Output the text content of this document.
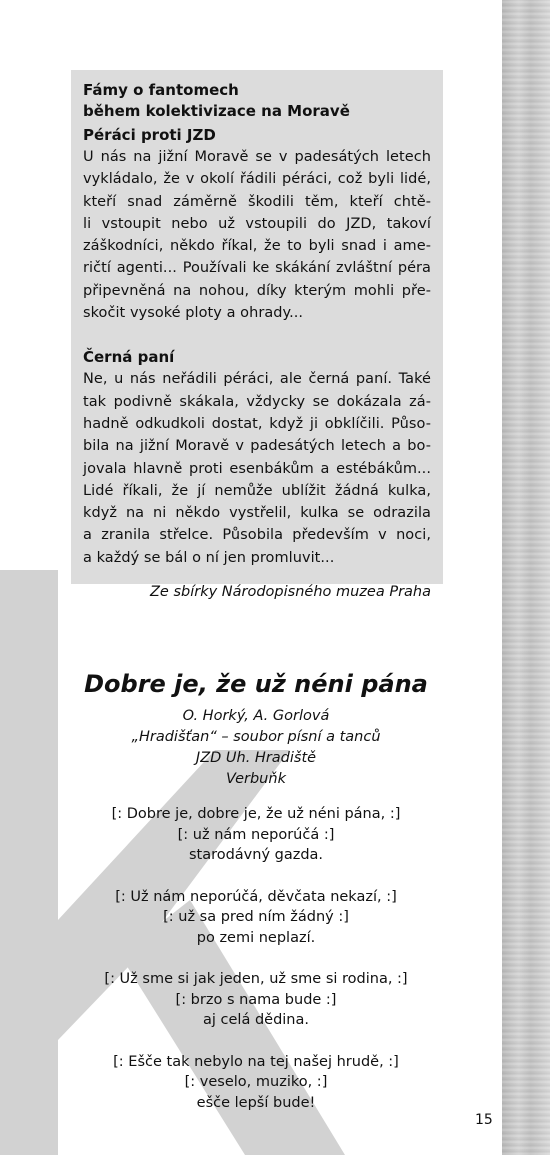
Fámy o fantomech

během kolektivizace na Moravě

Péráci proti JZD

U nás na jižní Moravě se v padesátých letech
vykládalo, že v okolí řádili péráci, což byli lidé,
kteří snad záměrně škodili těm, kteří chtě-
li vstoupit nebo už vstoupili do JZD, takoví
záškodníci, někdo říkal, že to byli snad i ame-
ričtí agenti... Používali ke skákání zvláštní péra
připevněná na nohou, díky kterým mohli pře-
skočit vysoké ploty a ohrady...

Černá paní

Ne, u nás neřádili péráci, ale černá paní. Také
tak podivně skákala, vždycky se dokázala zá-
hadně odkudkoli dostat, když ji obklíčili. Půso-
bila na jižní Moravě v padesátých letech a bo-
jovala hlavně proti esenbákům a estébákům...
Lidé říkali, že jí nemůže ublížit žádná kulka,
když na ni někdo vystřelil, kulka se odrazila
a zranila střelce. Působila především v noci,
a každý se bál o ní jen promluvit...

Ze sbírky Národopisného muzea Praha

Dobre je, že už néni pána

O. Horký, A. Gorlová

„Hradišťan“ – soubor písní a tanců

JZD Uh. Hradiště

Verbuňk

[: Dobre je, dobre je, že už néni pána, :]
[: už nám neporúčá :]
starodávný gazda.
[: Už nám neporúčá, děvčata nekazí, :]
[: už sa pred ním žádný :]
po zemi neplazí.
[: Už sme si jak jeden, už sme si rodina, :]
[: brzo s nama bude :]
aj celá dědina.
[: Ešče tak nebylo na tej našej hrudě, :]
[: veselo, muziko, :]
ešče lepší bude!
15
